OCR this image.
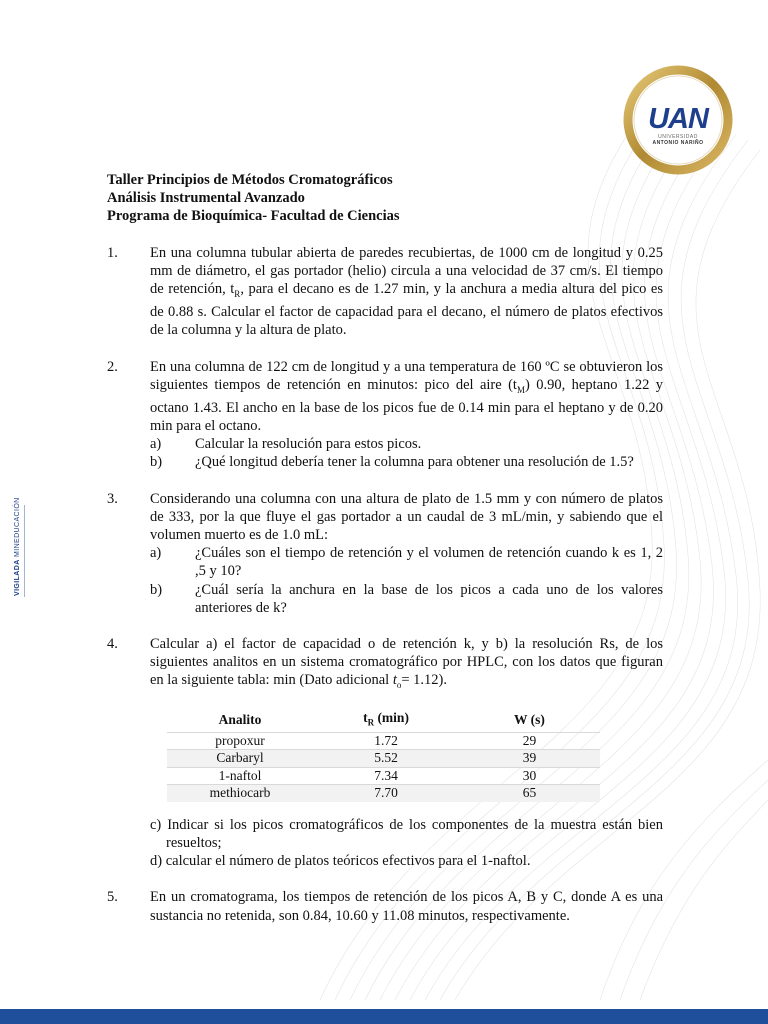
UAN
UNIVERSIDAD
ANTONIO NARIÑO
VIGILADA MINEDUCACIÓN
Taller Principios de Métodos Cromatográficos
Análisis Instrumental Avanzado
Programa de Bioquímica- Facultad de Ciencias
1. En una columna tubular abierta de paredes recubiertas, de 1000 cm de longitud y 0.25 mm de diámetro, el gas portador (helio) circula a una velocidad de 37 cm/s. El tiempo de retención, $t_R$, para el decano es de 1.27 min, y la anchura a media altura del pico es de 0.88 s. Calcular el factor de capacidad para el decano, el número de platos efectivos de la columna y la altura de plato.
2. En una columna de 122 cm de longitud y a una temperatura de 160 ºC se obtuvieron los siguientes tiempos de retención en minutos: pico del aire $(t_M)$ 0.90, heptano 1.22 y octano 1.43. El ancho en la base de los picos fue de 0.14 min para el heptano y de 0.20 min para el octano.
a) Calcular la resolución para estos picos.
b) ¿Qué longitud debería tener la columna para obtener una resolución de 1.5?
3. Considerando una columna con una altura de plato de 1.5 mm y con número de platos de 333, por la que fluye el gas portador a un caudal de 3 mL/min, y sabiendo que el volumen muerto es de 1.0 mL:
a) ¿Cuáles son el tiempo de retención y el volumen de retención cuando k es 1, 2 ,5 y 10?
b) ¿Cuál sería la anchura en la base de los picos a cada uno de los valores anteriores de k?
4. Calcular a) el factor de capacidad o de retención k, y b) la resolución Rs, de los siguientes analitos en un sistema cromatográfico por HPLC, con los datos que figuran en la siguiente tabla: min (Dato adicional $t_o= 1.12$).
Analito	$t_R$ (min)	W (s)
propoxur	1.72	29
Carbaryl	5.52	39
1-naftol	7.34	30
methiocarb	7.70	65
c) Indicar si los picos cromatográficos de los componentes de la muestra están bien resueltos;
d) calcular el número de platos teóricos efectivos para el 1-naftol.
5. En un cromatograma, los tiempos de retención de los picos A, B y C, donde A es una sustancia no retenida, son 0.84, 10.60 y 11.08 minutos, respectivamente.
